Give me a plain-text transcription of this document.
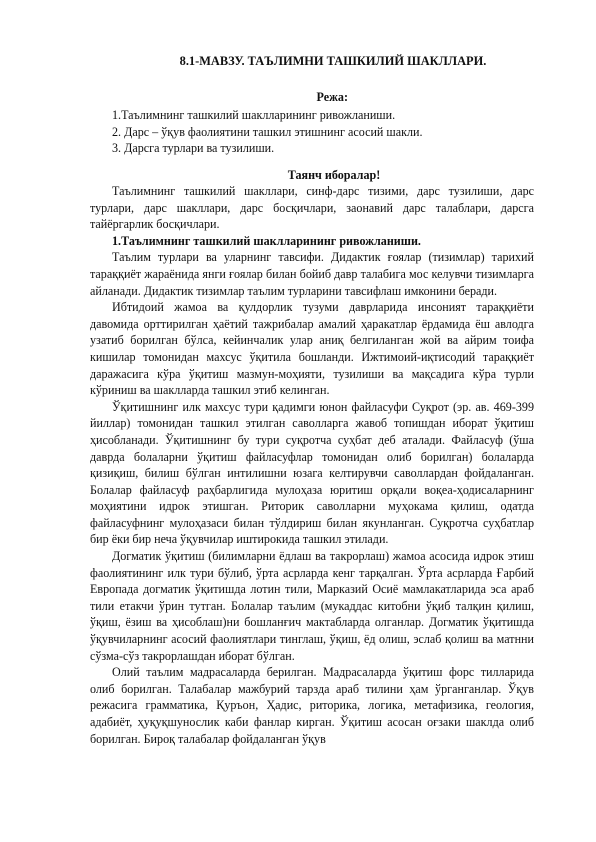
8.1-МАВЗУ. ТАЪЛИМНИ ТАШКИЛИЙ ШАКЛЛАРИ.
Режа:
1.Таълимнинг ташкилий шаклларининг ривожланиши.
2. Дарс – ўқув фаолиятини ташкил этишнинг асосий шакли.
3. Дарсга турлари ва тузилиши.
Таянч иборалар!

Таълимнинг ташкилий шакллари, синф-дарс тизими, дарс тузилиши, дарс турлари, дарс шакллари, дарс босқичлари, заонавий дарс талаблари, дарсга тайёргарлик босқичлари.

1.Таълимнинг ташкилий шаклларининг ривожланиши.

Таълим турлари ва уларнинг тавсифи. Дидактик ғоялар (тизимлар) тарихий тараққиёт жараёнида янги ғоялар билан бойиб давр талабига мос келувчи тизимларга айланади. Дидактик тизимлар таълим турларини тавсифлаш имконини беради.

Ибтидоий жамоа ва қулдорлик тузуми даврларида инсоният тараққиёти давомида орттирилган ҳаётий тажрибалар амалий ҳаракатлар ёрдамида ёш авлодга узатиб борилган бўлса, кейинчалик улар аниқ белгиланган жой ва айрим тоифа кишилар томонидан махсус ўқитила бошланди. Ижтимоий-иқтисодий тараққиёт даражасига кўра ўқитиш мазмун-моҳияти, тузилиши ва мақсадига кўра турли кўриниш ва шаклларда ташкил этиб келинган.

Ўқитишнинг илк махсус тури қадимги юнон файласуфи Суқрот (эр. ав. 469-399 йиллар) томонидан ташкил этилган саволларга жавоб топишдан иборат ўқитиш ҳисобланади. Ўқитишнинг бу тури суқротча суҳбат деб аталади. Файласуф (ўша даврда болаларни ўқитиш файласуфлар томонидан олиб борилган) болаларда қизиқиш, билиш бўлган интилишни юзага келтирувчи саволлардан фойдаланган. Болалар файласуф раҳбарлигида мулоҳаза юритиш орқали воқеа-ҳодисаларнинг моҳиятини идрок этишган. Риторик саволларни муҳокама қилиш, одатда файласуфнинг мулоҳазаси билан тўлдириш билан якунланган. Суқротча суҳбатлар бир ёки бир неча ўқувчилар иштирокида ташкил этилади.

Догматик ўқитиш (билимларни ёдлаш ва такрорлаш) жамоа асосида идрок этиш фаолиятининг илк тури бўлиб, ўрта асрларда кенг тарқалган. Ўрта асрларда Ғарбий Европада догматик ўқитишда лотин тили, Марказий Осиё мамлакатларида эса араб тили етакчи ўрин тутган. Болалар таълим (мукаддас китобни ўқиб талқин қилиш, ўқиш, ёзиш ва ҳисоблаш)ни бошланғич мактабларда олганлар. Догматик ўқитишда ўқувчиларнинг асосий фаолиятлари тинглаш, ўқиш, ёд олиш, эслаб қолиш ва матнни сўзма-сўз такрорлашдан иборат бўлган.

Олий таълим мадрасаларда берилган. Мадрасаларда ўқитиш форс тилларида олиб борилган. Талабалар мажбурий тарзда араб тилини ҳам ўрганганлар. Ўқув режасига грамматика, Қуръон, Ҳадис, риторика, логика, метафизика, геология, адабиёт, ҳуқуқшунослик каби фанлар кирган. Ўқитиш асосан оғзаки шаклда олиб борилган. Бироқ талабалар фойдаланган ўқув
